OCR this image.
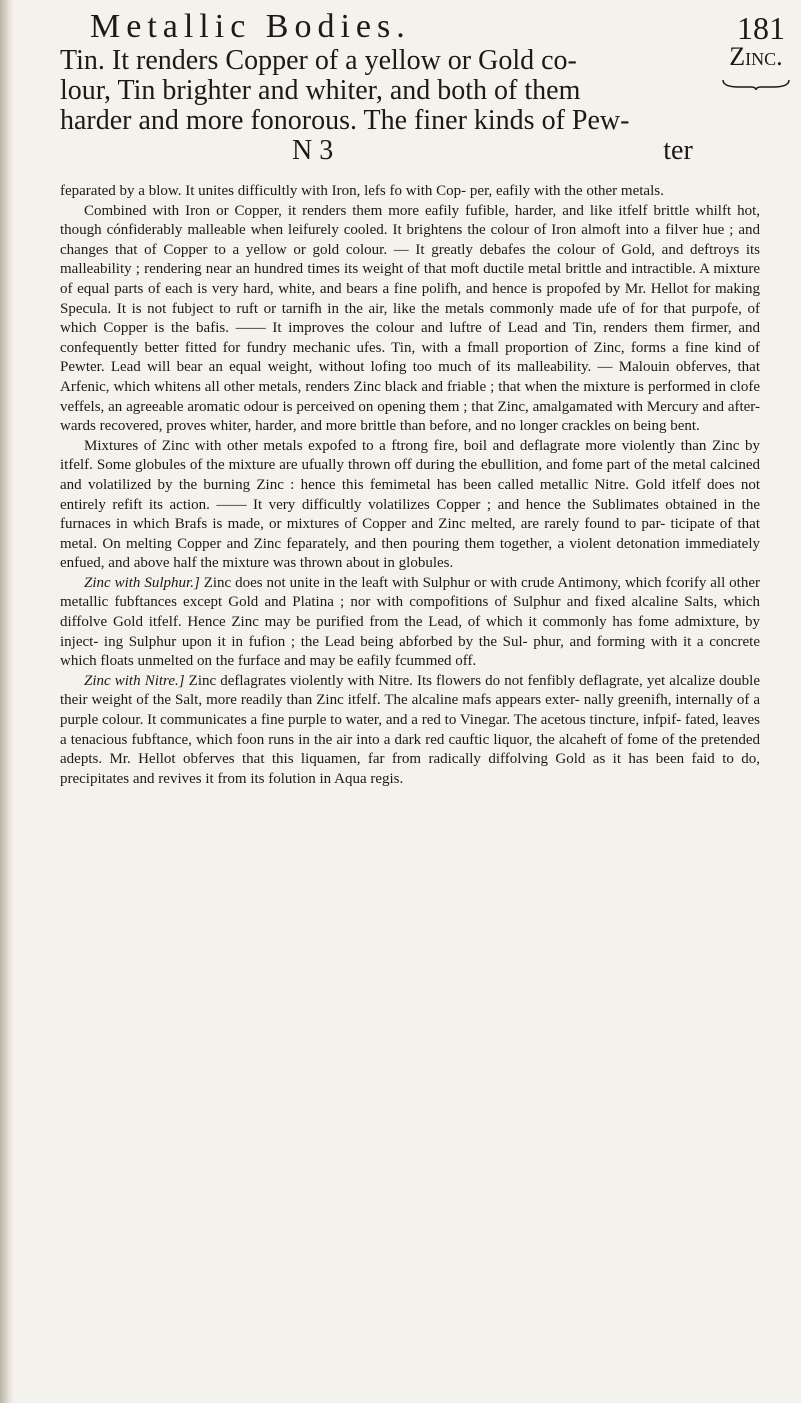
Metallic Bodies.	181
Zinc.
Tin. It renders Copper of a yellow or Gold co-
lour, Tin brighter and whiter, and both of them
harder and more fonorous. The finer kinds of Pew-
N 3	ter

feparated by a blow. It unites difficultly with Iron, lefs fo with Cop- per, eafily with the other metals.

Combined with Iron or Copper, it renders them more eafily fufible, harder, and like itfelf brittle whilft hot, though cónfiderably malleable when leifurely cooled. It brightens the colour of Iron almoft into a filver hue ; and changes that of Copper to a yellow or gold colour. — It greatly debafes the colour of Gold, and deftroys its malleability ; rendering near an hundred times its weight of that moft ductile metal brittle and intractible. A mixture of equal parts of each is very hard, white, and bears a fine polifh, and hence is propofed by Mr. Hellot for making Specula. It is not fubject to ruft or tarnifh in the air, like the metals commonly made ufe of for that purpofe, of which Copper is the bafis. —— It improves the colour and luftre of Lead and Tin, renders them firmer, and confequently better fitted for fundry mechanic ufes. Tin, with a fmall proportion of Zinc, forms a fine kind of Pewter. Lead will bear an equal weight, without lofing too much of its malleability. — Malouin obferves, that Arfenic, which whitens all other metals, renders Zinc black and friable ; that when the mixture is performed in clofe veffels, an agreeable aromatic odour is perceived on opening them ; that Zinc, amalgamated with Mercury and after- wards recovered, proves whiter, harder, and more brittle than before, and no longer crackles on being bent.

Mixtures of Zinc with other metals expofed to a ftrong fire, boil and deflagrate more violently than Zinc by itfelf. Some globules of the mixture are ufually thrown off during the ebullition, and fome part of the metal calcined and volatilized by the burning Zinc : hence this femimetal has been called metallic Nitre. Gold itfelf does not entirely refift its action. —— It very difficultly volatilizes Copper ; and hence the Sublimates obtained in the furnaces in which Brafs is made, or mixtures of Copper and Zinc melted, are rarely found to par- ticipate of that metal. On melting Copper and Zinc feparately, and then pouring them together, a violent detonation immediately enfued, and above half the mixture was thrown about in globules.

Zinc with Sulphur.] Zinc does not unite in the leaft with Sulphur or with crude Antimony, which fcorify all other metallic fubftances except Gold and Platina ; nor with compofitions of Sulphur and fixed alcaline Salts, which diffolve Gold itfelf. Hence Zinc may be purified from the Lead, of which it commonly has fome admixture, by inject- ing Sulphur upon it in fufion ; the Lead being abforbed by the Sul- phur, and forming with it a concrete which floats unmelted on the furface and may be eafily fcummed off.

Zinc with Nitre.] Zinc deflagrates violently with Nitre. Its flowers do not fenfibly deflagrate, yet alcalize double their weight of the Salt, more readily than Zinc itfelf. The alcaline mafs appears exter- nally greenifh, internally of a purple colour. It communicates a fine purple to water, and a red to Vinegar. The acetous tincture, infpif- fated, leaves a tenacious fubftance, which foon runs in the air into a dark red cauftic liquor, the alcaheft of fome of the pretended adepts. Mr. Hellot obferves that this liquamen, far from radically diffolving Gold as it has been faid to do, precipitates and revives it from its folution in Aqua regis.
